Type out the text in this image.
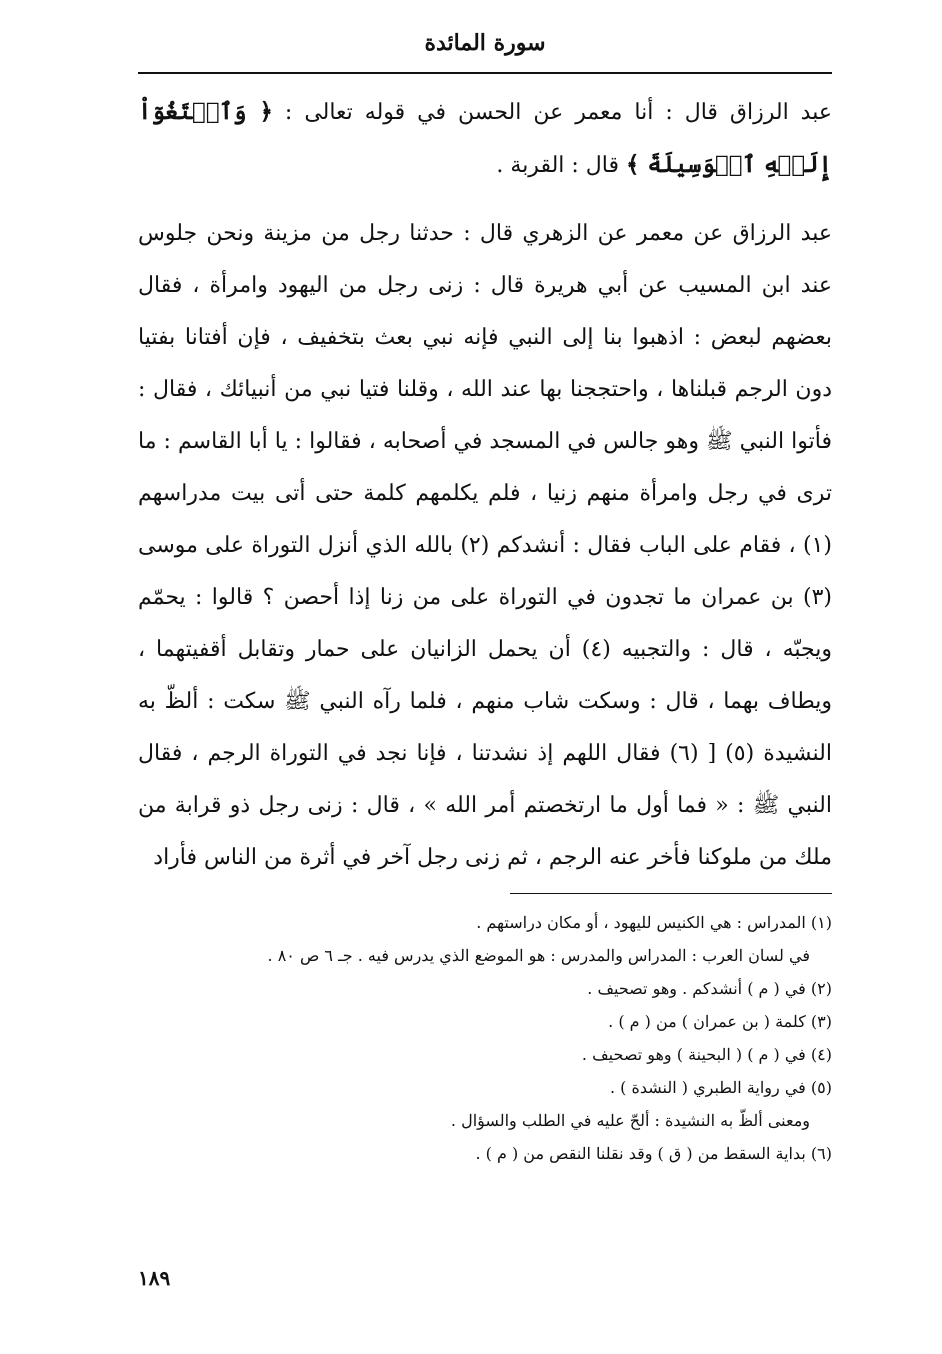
سورة المائدة

عبد الرزاق قال : أنا معمر عن الحسن في قوله تعالى : ﴿ وَٱبۡتَغُوٓاْ إِلَيۡهِ ٱلۡوَسِيلَةَ ﴾ قال : القربة .

عبد الرزاق عن معمر عن الزهري قال : حدثنا رجل من مزينة ونحن جلوس عند ابن المسيب عن أبي هريرة قال : زنى رجل من اليهود وامرأة ، فقال بعضهم لبعض : اذهبوا بنا إلى النبي فإنه نبي بعث بتخفيف ، فإن أفتانا بفتيا دون الرجم قبلناها ، واحتججنا بها عند الله ، وقلنا فتيا نبي من أنبيائك ، فقال : فأتوا النبي ﷺ وهو جالس في المسجد في أصحابه ، فقالوا : يا أبا القاسم : ما ترى في رجل وامرأة منهم زنيا ، فلم يكلمهم كلمة حتى أتى بيت مدراسهم (١) ، فقام على الباب فقال : أنشدكم (٢) بالله الذي أنزل التوراة على موسى (٣) بن عمران ما تجدون في التوراة على من زنا إذا أحصن ؟ قالوا : يحمّم ويجبّه ، قال : والتجبيه (٤) أن يحمل الزانيان على حمار وتقابل أقفيتهما ، ويطاف بهما ، قال : وسكت شاب منهم ، فلما رآه النبي ﷺ سكت : ألظّ به النشيدة (٥) [ (٦) فقال اللهم إذ نشدتنا ، فإنا نجد في التوراة الرجم ، فقال النبي ﷺ : « فما أول ما ارتخصتم أمر الله » ، قال : زنى رجل ذو قرابة من ملك من ملوكنا فأخر عنه الرجم ، ثم زنى رجل آخر في أثرة من الناس فأراد

(١) المدراس : هي الكنيس لليهود ، أو مكان دراستهم .
في لسان العرب : المدراس والمدرس : هو الموضع الذي يدرس فيه . جـ ٦ ص ٨٠ .
(٢) في ( م ) أنشدكم . وهو تصحيف .
(٣) كلمة ( بن عمران ) من ( م ) .
(٤) في ( م ) ( البحينة ) وهو تصحيف .
(٥) في رواية الطبري ( النشدة ) .
ومعنى ألظّ به النشيدة : ألحّ عليه في الطلب والسؤال .
(٦) بداية السقط من ( ق ) وقد نقلنا النقص من ( م ) .
١٨٩
